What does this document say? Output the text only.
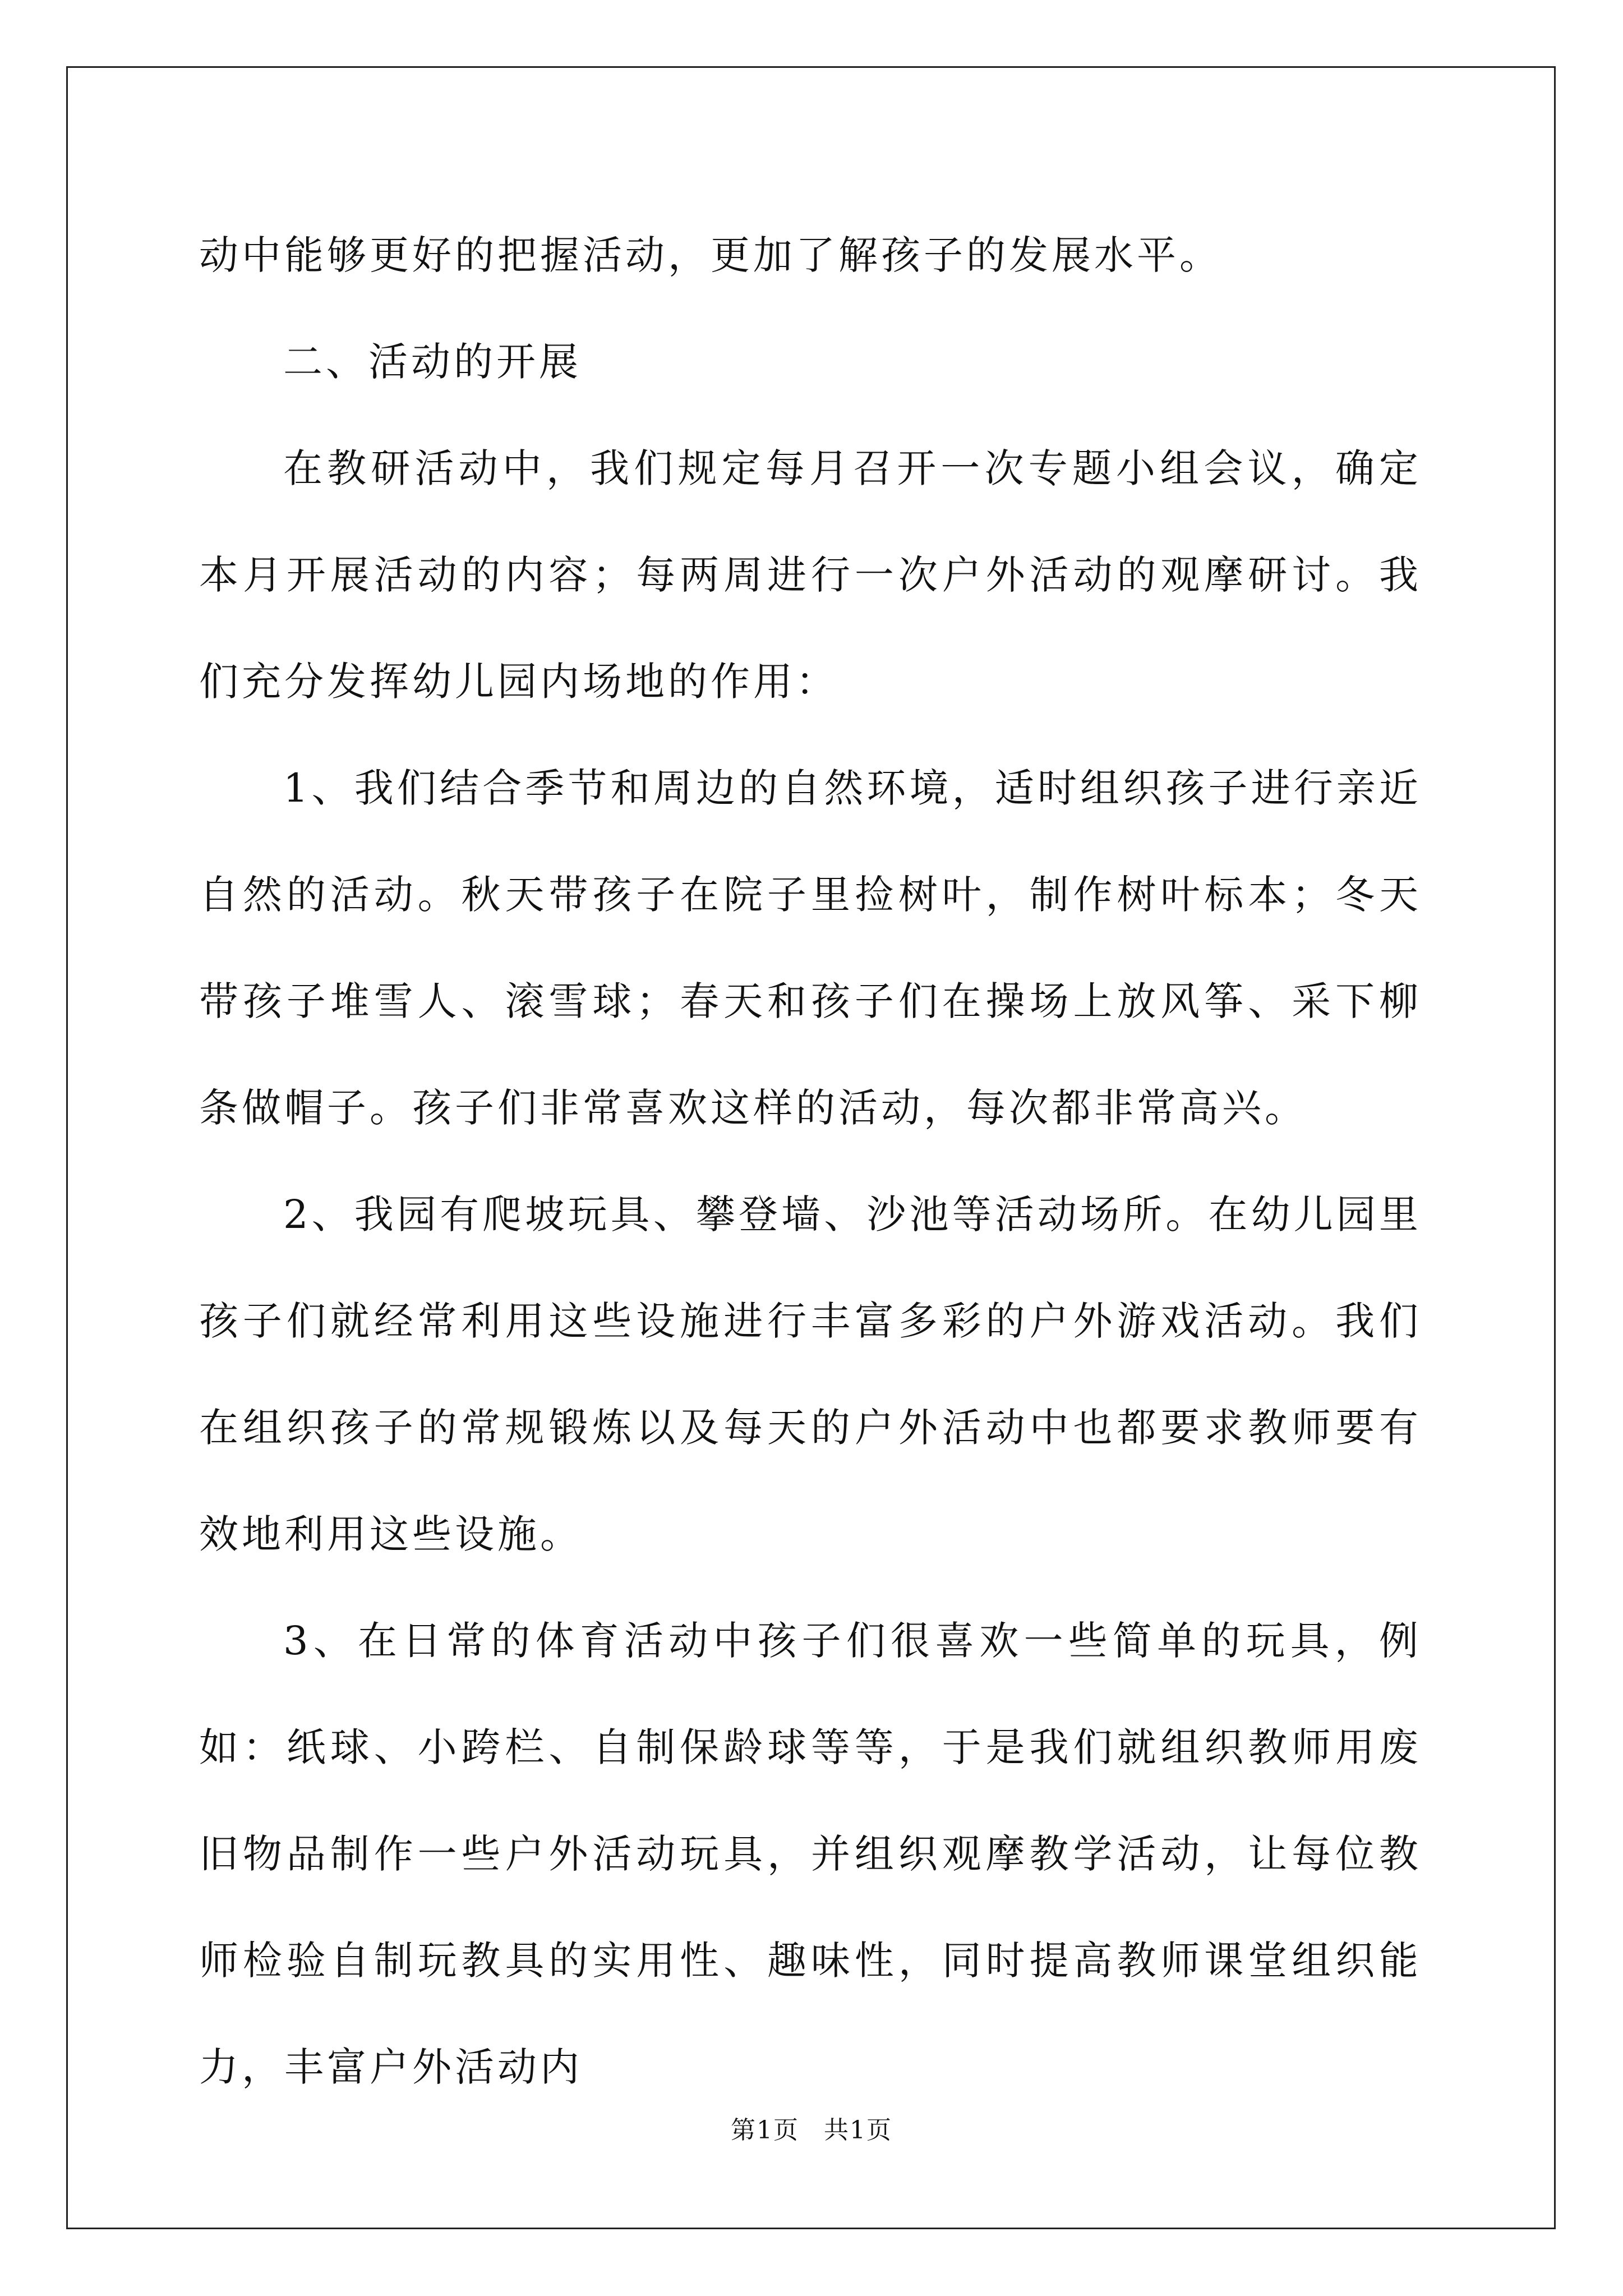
动中能够更好的把握活动，更加了解孩子的发展水平。

二、活动的开展

在教研活动中，我们规定每月召开一次专题小组会议，确定本月开展活动的内容；每两周进行一次户外活动的观摩研讨。我们充分发挥幼儿园内场地的作用：

1、我们结合季节和周边的自然环境，适时组织孩子进行亲近自然的活动。秋天带孩子在院子里捡树叶，制作树叶标本；冬天带孩子堆雪人、滚雪球；春天和孩子们在操场上放风筝、采下柳条做帽子。孩子们非常喜欢这样的活动，每次都非常高兴。

2、我园有爬坡玩具、攀登墙、沙池等活动场所。在幼儿园里孩子们就经常利用这些设施进行丰富多彩的户外游戏活动。我们在组织孩子的常规锻炼以及每天的户外活动中也都要求教师要有效地利用这些设施。

3、在日常的体育活动中孩子们很喜欢一些简单的玩具，例如：纸球、小跨栏、自制保龄球等等，于是我们就组织教师用废旧物品制作一些户外活动玩具，并组织观摩教学活动，让每位教师检验自制玩教具的实用性、趣味性，同时提高教师课堂组织能力，丰富户外活动内

第1页 共1页
